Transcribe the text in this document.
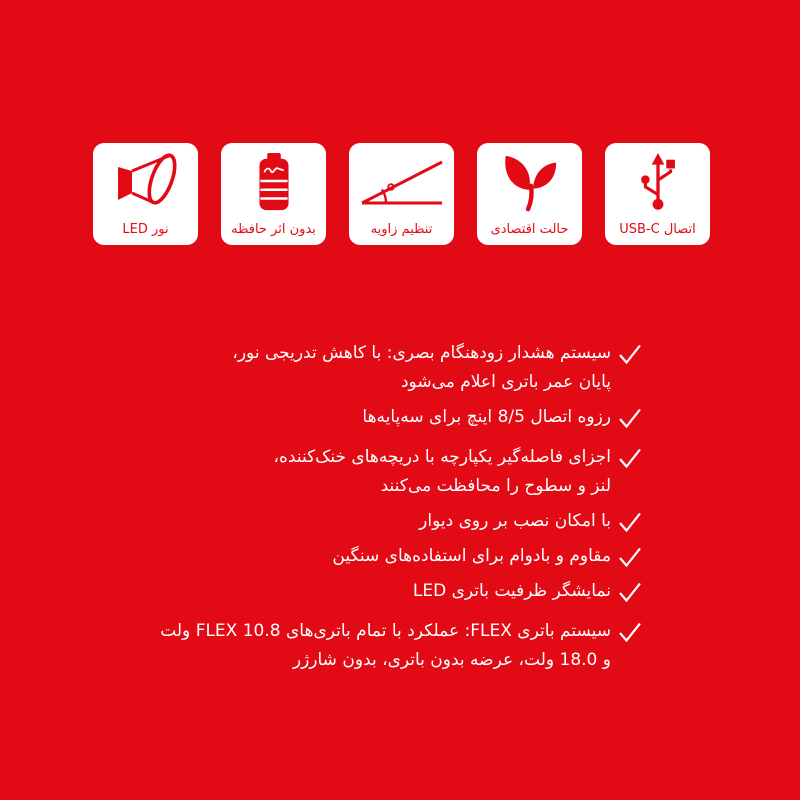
نور LED	بدون اثر حافظه	تنظیم زاویه	حالت اقتصادی	اتصال USB-C
سیستم هشدار زودهنگام بصری: با کاهش تدریجی نور،
پایان عمر باتری اعلام می‌شود
رزوه اتصال 8/5 اینچ برای سه‌پایه‌ها
اجزای فاصله‌گیر یکپارچه با دریچه‌های خنک‌کننده،
لنز و سطوح را محافظت می‌کنند
با امکان نصب بر روی دیوار
مقاوم و بادوام برای استفاده‌های سنگین
نمایشگر ظرفیت باتری LED
سیستم باتری FLEX: عملکرد با تمام باتری‌های FLEX 10.8 ولت
و 18.0 ولت، عرضه بدون باتری، بدون شارژر
